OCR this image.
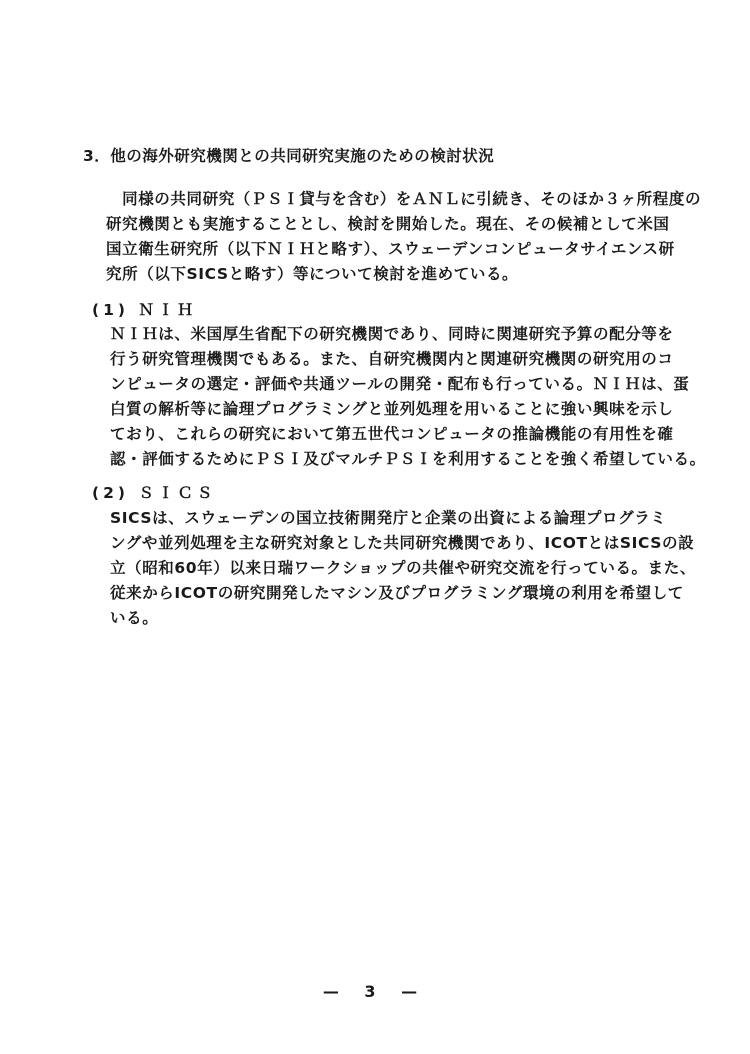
3．他の海外研究機関との共同研究実施のための検討状況
　同様の共同研究（ＰＳＩ貸与を含む）をＡＮＬに引続き、そのほか３ヶ所程度の
研究機関とも実施することとし、検討を開始した。現在、その候補として米国
国立衛生研究所（以下ＮＩＨと略す）、スウェーデンコンピュータサイエンス研
究所（以下SICSと略す）等について検討を進めている。
(1) ＮＩＨ
ＮＩＨは、米国厚生省配下の研究機関であり、同時に関連研究予算の配分等を
行う研究管理機関でもある。また、自研究機関内と関連研究機関の研究用のコ
ンピュータの選定・評価や共通ツールの開発・配布も行っている。ＮＩＨは、蛋
白質の解析等に論理プログラミングと並列処理を用いることに強い興味を示し
ており、これらの研究において第五世代コンピュータの推論機能の有用性を確
認・評価するためにＰＳＩ及びマルチＰＳＩを利用することを強く希望している。
(2) ＳＩＣＳ
SICSは、スウェーデンの国立技術開発庁と企業の出資による論理プログラミ
ングや並列処理を主な研究対象とした共同研究機関であり、ICOTとはSICSの設
立（昭和60年）以来日瑞ワークショップの共催や研究交流を行っている。また、
従来からICOTの研究開発したマシン及びプログラミング環境の利用を希望して
いる。
— 3 —
